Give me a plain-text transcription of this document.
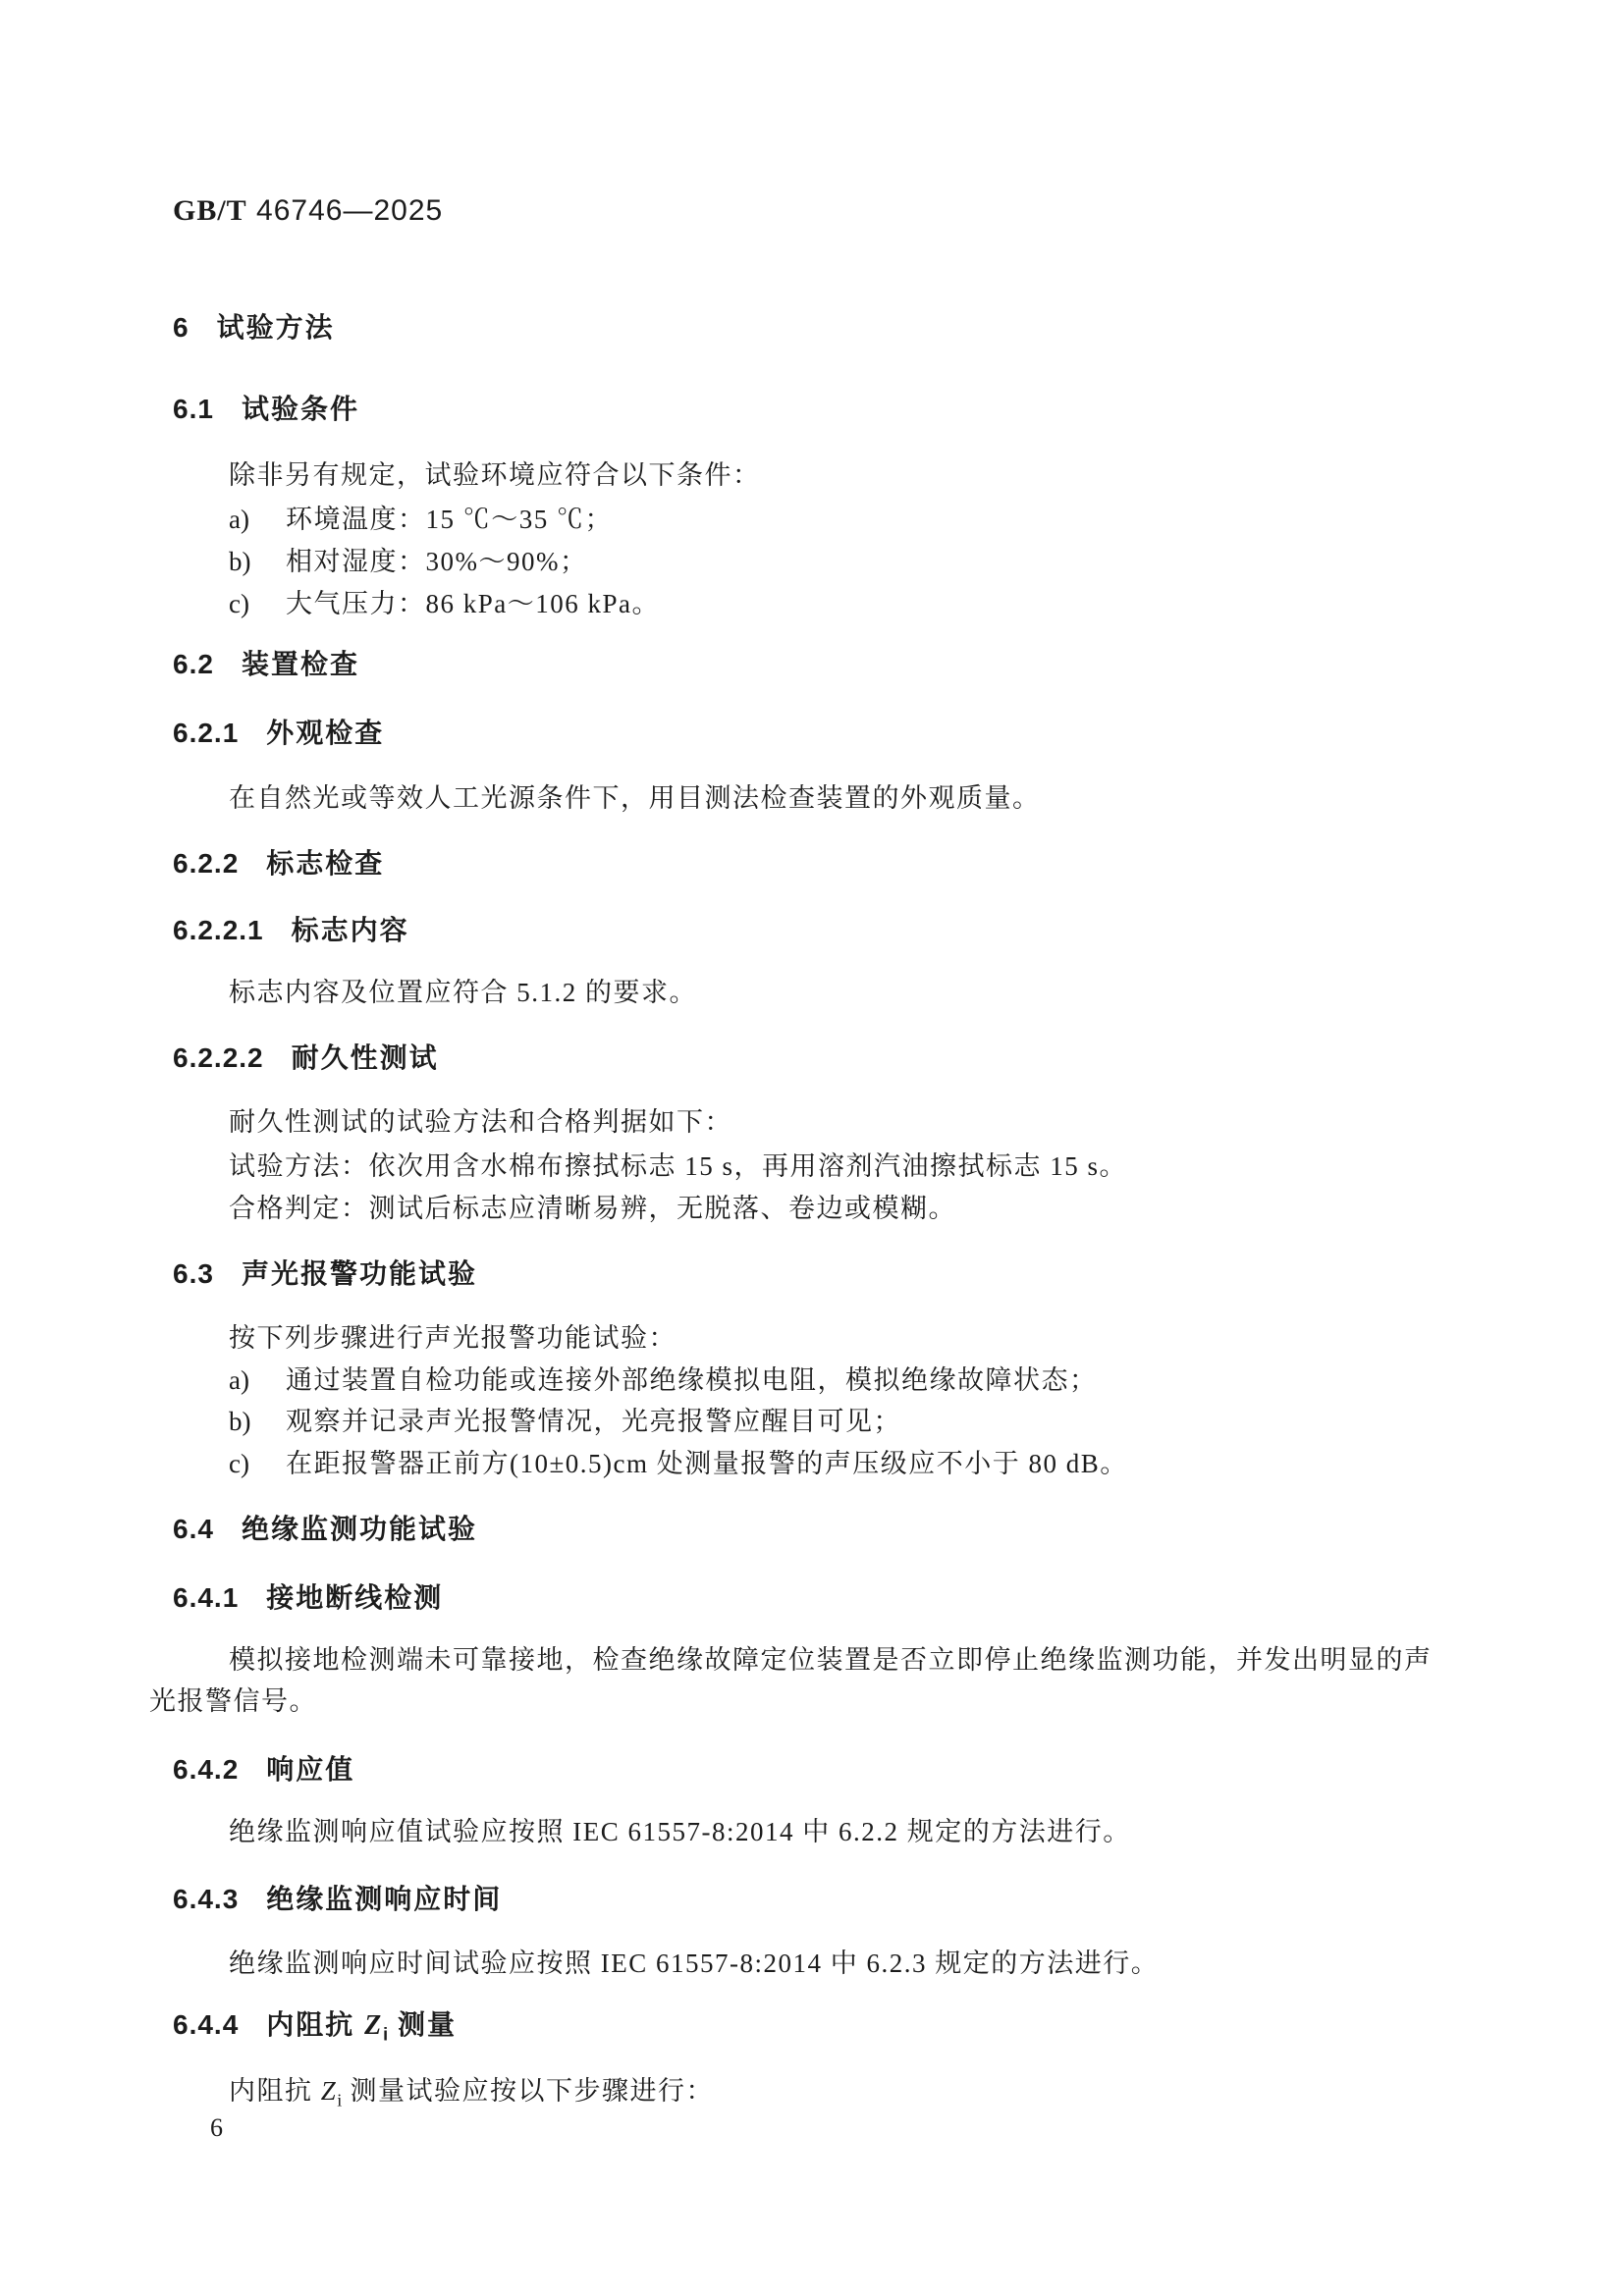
GB/T 46746—2025
6 试验方法
6.1 试验条件
除非另有规定，试验环境应符合以下条件：
a) 环境温度：15 ℃～35 ℃；
b) 相对湿度：30%～90%；
c) 大气压力：86 kPa～106 kPa。
6.2 装置检查
6.2.1 外观检查
在自然光或等效人工光源条件下，用目测法检查装置的外观质量。
6.2.2 标志检查
6.2.2.1 标志内容
标志内容及位置应符合 5.1.2 的要求。
6.2.2.2 耐久性测试
耐久性测试的试验方法和合格判据如下：
试验方法：依次用含水棉布擦拭标志 15 s，再用溶剂汽油擦拭标志 15 s。
合格判定：测试后标志应清晰易辨，无脱落、卷边或模糊。
6.3 声光报警功能试验
按下列步骤进行声光报警功能试验：
a) 通过装置自检功能或连接外部绝缘模拟电阻，模拟绝缘故障状态；
b) 观察并记录声光报警情况，光亮报警应醒目可见；
c) 在距报警器正前方(10±0.5)cm 处测量报警的声压级应不小于 80 dB。
6.4 绝缘监测功能试验
6.4.1 接地断线检测
模拟接地检测端未可靠接地，检查绝缘故障定位装置是否立即停止绝缘监测功能，并发出明显的声
光报警信号。
6.4.2 响应值
绝缘监测响应值试验应按照 IEC 61557-8:2014 中 6.2.2 规定的方法进行。
6.4.3 绝缘监测响应时间
绝缘监测响应时间试验应按照 IEC 61557-8:2014 中 6.2.3 规定的方法进行。
6.4.4 内阻抗 $Z_i$ 测量
内阻抗 $Z_i$ 测量试验应按以下步骤进行：
6
